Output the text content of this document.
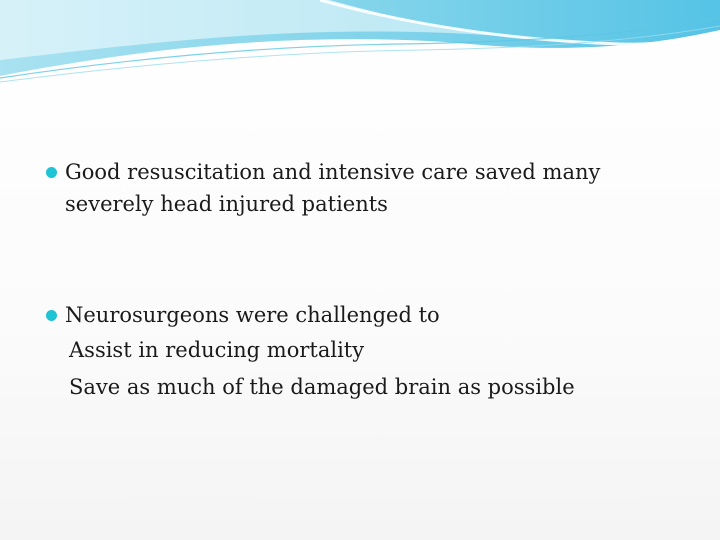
Good resuscitation and intensive care saved many severely head injured patients
Neurosurgeons were challenged to
Assist in reducing mortality
Save as much of the damaged brain as possible
